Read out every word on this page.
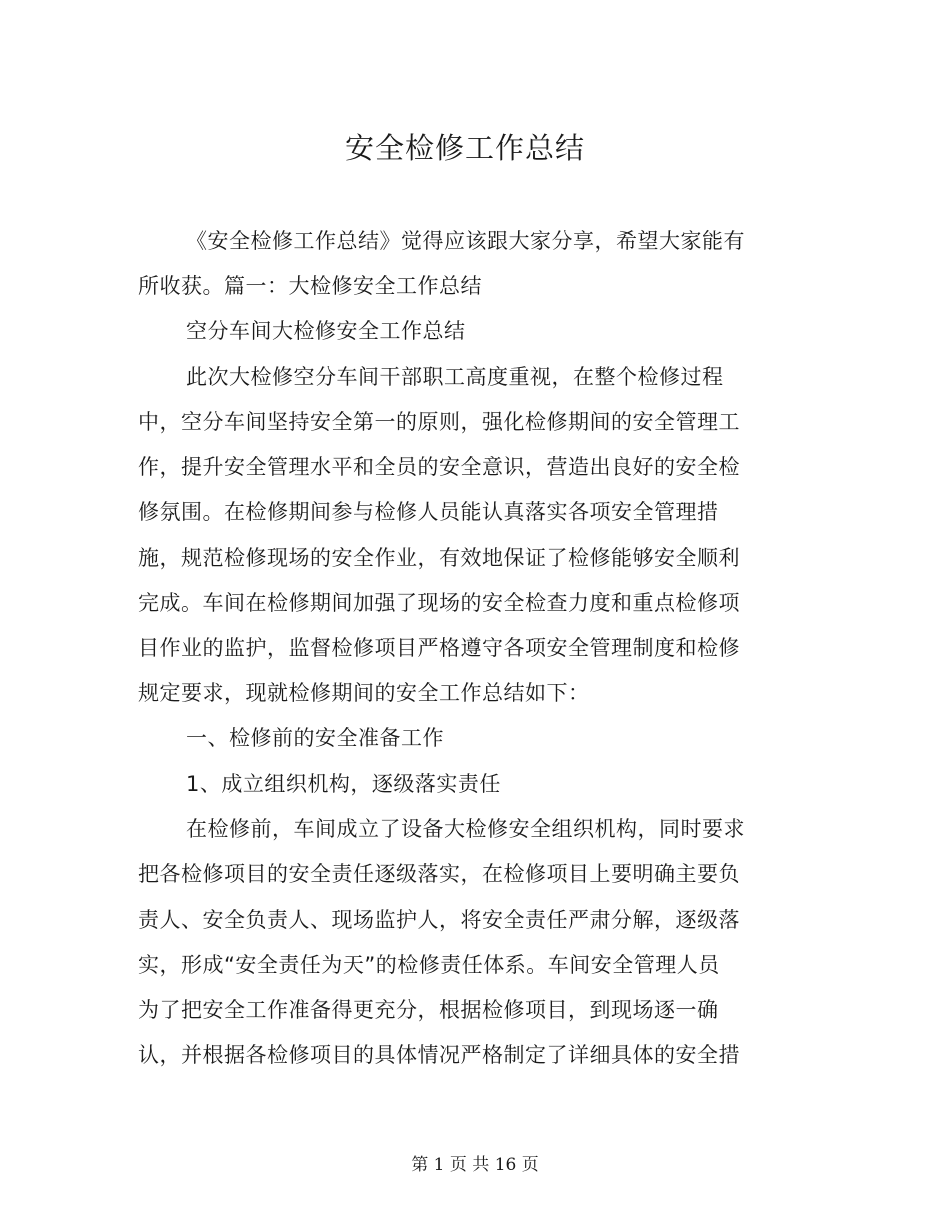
安全检修工作总结
《安全检修工作总结》觉得应该跟大家分享，希望大家能有
所收获。篇一：大检修安全工作总结
空分车间大检修安全工作总结
此次大检修空分车间干部职工高度重视，在整个检修过程
中，空分车间坚持安全第一的原则，强化检修期间的安全管理工
作，提升安全管理水平和全员的安全意识，营造出良好的安全检
修氛围。在检修期间参与检修人员能认真落实各项安全管理措
施，规范检修现场的安全作业，有效地保证了检修能够安全顺利
完成。车间在检修期间加强了现场的安全检查力度和重点检修项
目作业的监护，监督检修项目严格遵守各项安全管理制度和检修
规定要求，现就检修期间的安全工作总结如下：
一、检修前的安全准备工作
1、成立组织机构，逐级落实责任
在检修前，车间成立了设备大检修安全组织机构，同时要求
把各检修项目的安全责任逐级落实，在检修项目上要明确主要负
责人、安全负责人、现场监护人，将安全责任严肃分解，逐级落
实，形成“安全责任为天”的检修责任体系。车间安全管理人员
为了把安全工作准备得更充分，根据检修项目，到现场逐一确
认，并根据各检修项目的具体情况严格制定了详细具体的安全措
第 1 页 共 16 页
